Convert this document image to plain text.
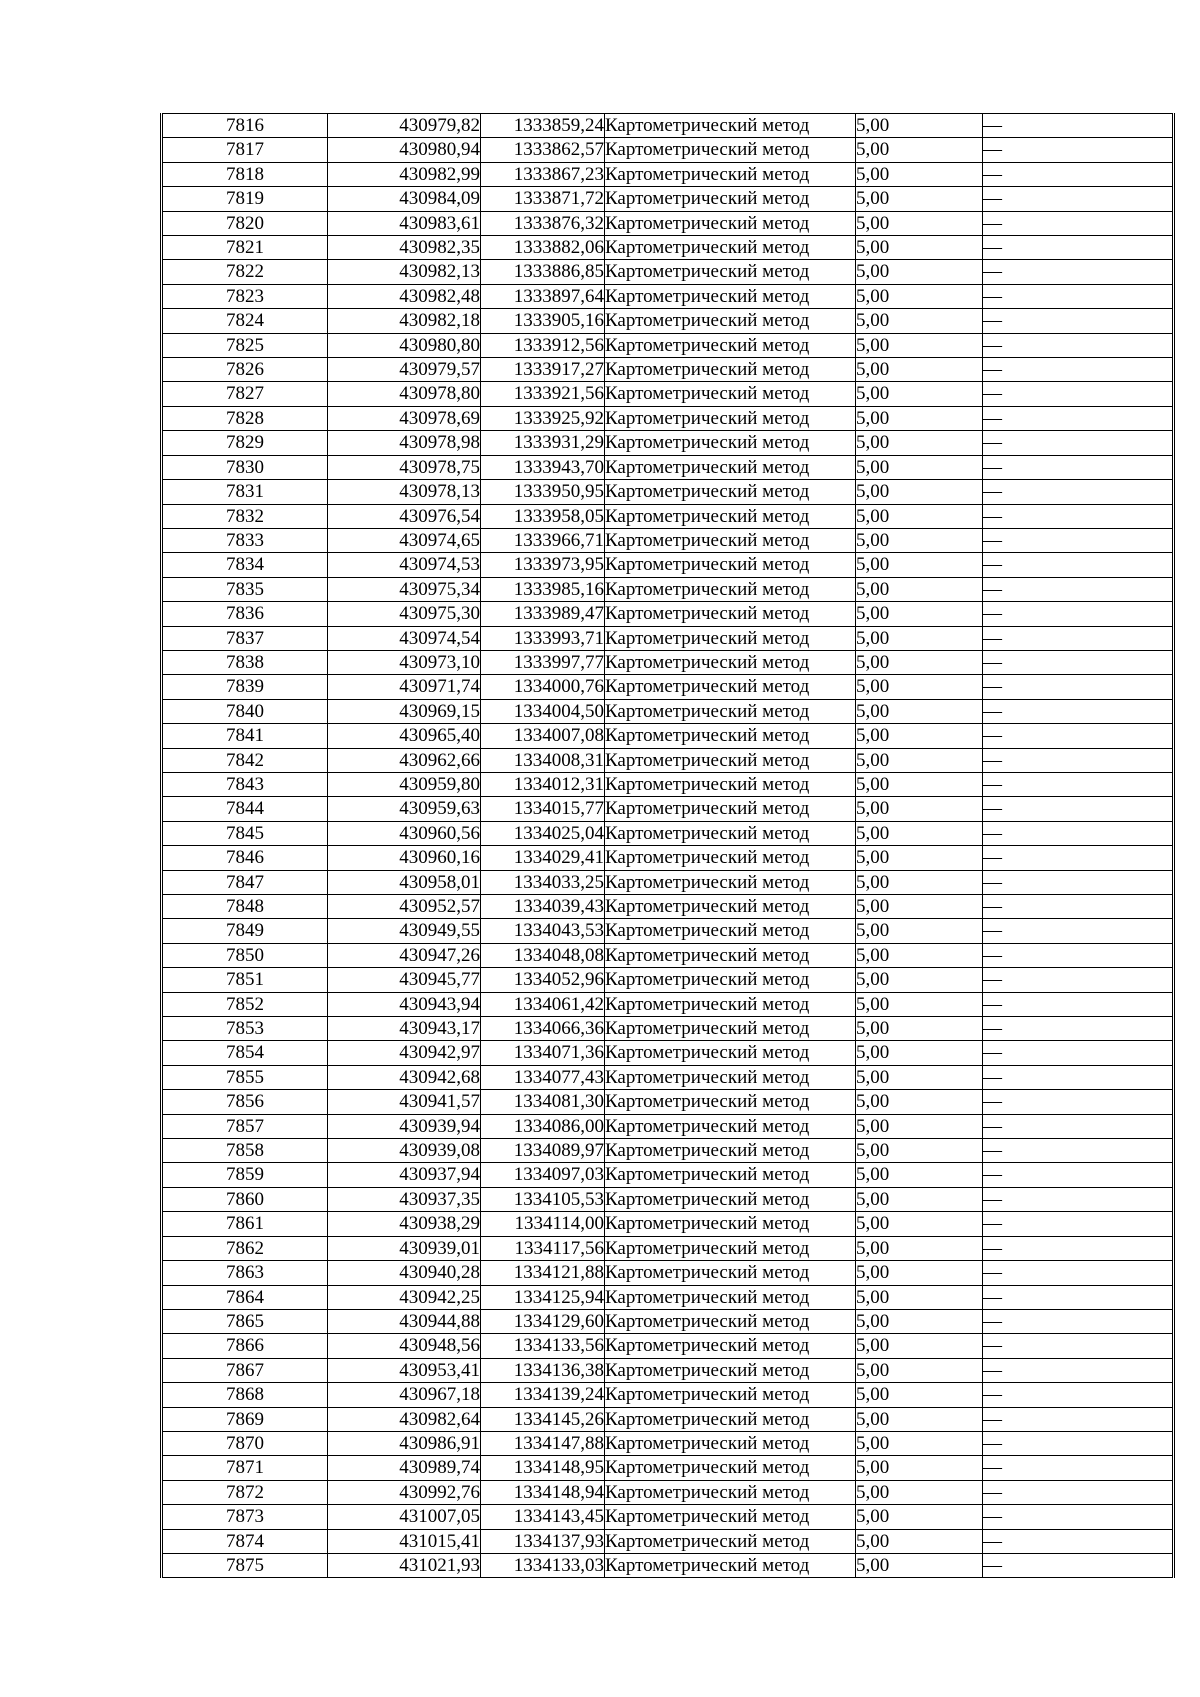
7816	430979,82	1333859,24	Картометрический метод	5,00	—
7817	430980,94	1333862,57	Картометрический метод	5,00	—
7818	430982,99	1333867,23	Картометрический метод	5,00	—
7819	430984,09	1333871,72	Картометрический метод	5,00	—
7820	430983,61	1333876,32	Картометрический метод	5,00	—
7821	430982,35	1333882,06	Картометрический метод	5,00	—
7822	430982,13	1333886,85	Картометрический метод	5,00	—
7823	430982,48	1333897,64	Картометрический метод	5,00	—
7824	430982,18	1333905,16	Картометрический метод	5,00	—
7825	430980,80	1333912,56	Картометрический метод	5,00	—
7826	430979,57	1333917,27	Картометрический метод	5,00	—
7827	430978,80	1333921,56	Картометрический метод	5,00	—
7828	430978,69	1333925,92	Картометрический метод	5,00	—
7829	430978,98	1333931,29	Картометрический метод	5,00	—
7830	430978,75	1333943,70	Картометрический метод	5,00	—
7831	430978,13	1333950,95	Картометрический метод	5,00	—
7832	430976,54	1333958,05	Картометрический метод	5,00	—
7833	430974,65	1333966,71	Картометрический метод	5,00	—
7834	430974,53	1333973,95	Картометрический метод	5,00	—
7835	430975,34	1333985,16	Картометрический метод	5,00	—
7836	430975,30	1333989,47	Картометрический метод	5,00	—
7837	430974,54	1333993,71	Картометрический метод	5,00	—
7838	430973,10	1333997,77	Картометрический метод	5,00	—
7839	430971,74	1334000,76	Картометрический метод	5,00	—
7840	430969,15	1334004,50	Картометрический метод	5,00	—
7841	430965,40	1334007,08	Картометрический метод	5,00	—
7842	430962,66	1334008,31	Картометрический метод	5,00	—
7843	430959,80	1334012,31	Картометрический метод	5,00	—
7844	430959,63	1334015,77	Картометрический метод	5,00	—
7845	430960,56	1334025,04	Картометрический метод	5,00	—
7846	430960,16	1334029,41	Картометрический метод	5,00	—
7847	430958,01	1334033,25	Картометрический метод	5,00	—
7848	430952,57	1334039,43	Картометрический метод	5,00	—
7849	430949,55	1334043,53	Картометрический метод	5,00	—
7850	430947,26	1334048,08	Картометрический метод	5,00	—
7851	430945,77	1334052,96	Картометрический метод	5,00	—
7852	430943,94	1334061,42	Картометрический метод	5,00	—
7853	430943,17	1334066,36	Картометрический метод	5,00	—
7854	430942,97	1334071,36	Картометрический метод	5,00	—
7855	430942,68	1334077,43	Картометрический метод	5,00	—
7856	430941,57	1334081,30	Картометрический метод	5,00	—
7857	430939,94	1334086,00	Картометрический метод	5,00	—
7858	430939,08	1334089,97	Картометрический метод	5,00	—
7859	430937,94	1334097,03	Картометрический метод	5,00	—
7860	430937,35	1334105,53	Картометрический метод	5,00	—
7861	430938,29	1334114,00	Картометрический метод	5,00	—
7862	430939,01	1334117,56	Картометрический метод	5,00	—
7863	430940,28	1334121,88	Картометрический метод	5,00	—
7864	430942,25	1334125,94	Картометрический метод	5,00	—
7865	430944,88	1334129,60	Картометрический метод	5,00	—
7866	430948,56	1334133,56	Картометрический метод	5,00	—
7867	430953,41	1334136,38	Картометрический метод	5,00	—
7868	430967,18	1334139,24	Картометрический метод	5,00	—
7869	430982,64	1334145,26	Картометрический метод	5,00	—
7870	430986,91	1334147,88	Картометрический метод	5,00	—
7871	430989,74	1334148,95	Картометрический метод	5,00	—
7872	430992,76	1334148,94	Картометрический метод	5,00	—
7873	431007,05	1334143,45	Картометрический метод	5,00	—
7874	431015,41	1334137,93	Картометрический метод	5,00	—
7875	431021,93	1334133,03	Картометрический метод	5,00	—
